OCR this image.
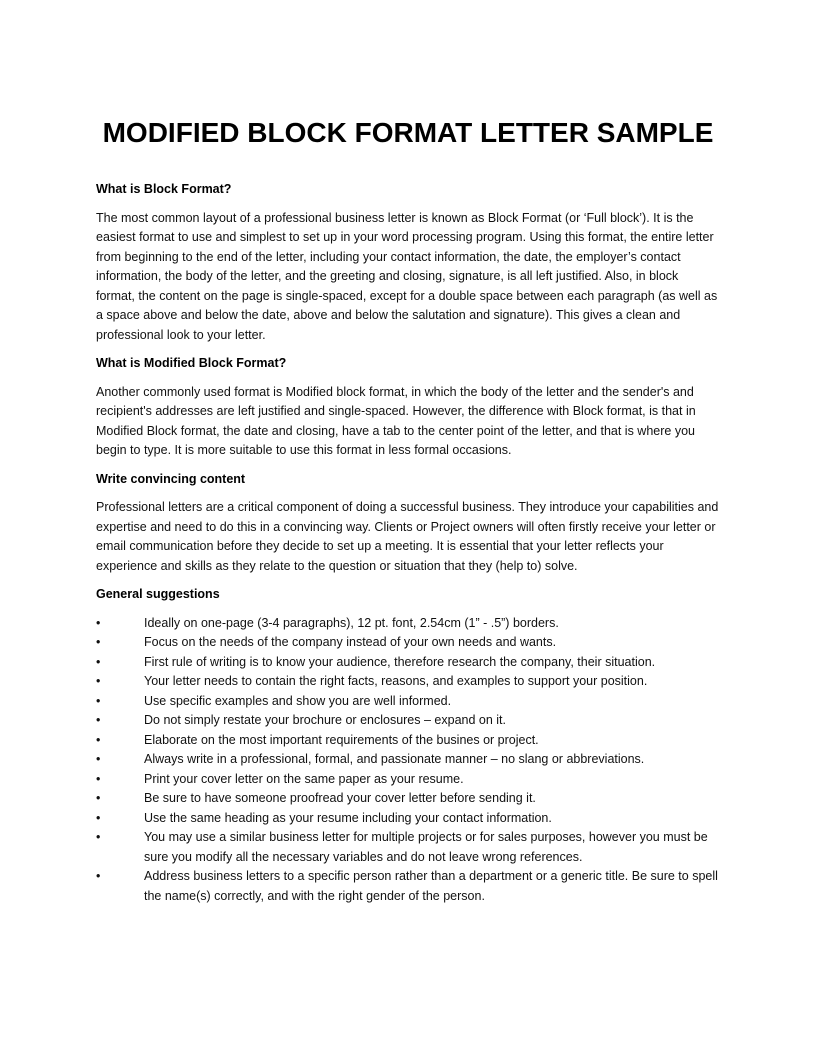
MODIFIED BLOCK FORMAT LETTER SAMPLE
What is Block Format?

The most common layout of a professional business letter is known as Block Format (or ‘Full block’). It is the easiest format to use and simplest to set up in your word processing program. Using this format, the entire letter from beginning to the end of the letter, including your contact information, the date, the employer’s contact information, the body of the letter, and the greeting and closing, signature, is all left justified. Also, in block format, the content on the page is single-spaced, except for a double space between each paragraph (as well as a space above and below the date, above and below the salutation and signature). This gives a clean and professional look to your letter.

What is Modified Block Format?

Another commonly used format is Modified block format, in which the body of the letter and the sender's and recipient's addresses are left justified and single-spaced. However, the difference with Block format, is that in Modified Block format, the date and closing, have a tab to the center point of the letter, and that is where you begin to type. It is more suitable to use this format in less formal occasions.

Write convincing content

Professional letters are a critical component of doing a successful business. They introduce your capabilities and expertise and need to do this in a convincing way. Clients or Project owners will often firstly receive your letter or email communication before they decide to set up a meeting. It is essential that your letter reflects your experience and skills as they relate to the question or situation that they (help to) solve.

General suggestions
•	Ideally on one-page (3-4 paragraphs), 12 pt. font, 2.54cm (1” - .5”) borders.
•	Focus on the needs of the company instead of your own needs and wants.
•	First rule of writing is to know your audience, therefore research the company, their situation.
•	Your letter needs to contain the right facts, reasons, and examples to support your position.
•	Use specific examples and show you are well informed.
•	Do not simply restate your brochure or enclosures – expand on it.
•	Elaborate on the most important requirements of the busines or project.
•	Always write in a professional, formal, and passionate manner – no slang or abbreviations.
•	Print your cover letter on the same paper as your resume.
•	Be sure to have someone proofread your cover letter before sending it.
•	Use the same heading as your resume including your contact information.
•	You may use a similar business letter for multiple projects or for sales purposes, however you must be sure you modify all the necessary variables and do not leave wrong references.
•	Address business letters to a specific person rather than a department or a generic title. Be sure to spell the name(s) correctly, and with the right gender of the person.
